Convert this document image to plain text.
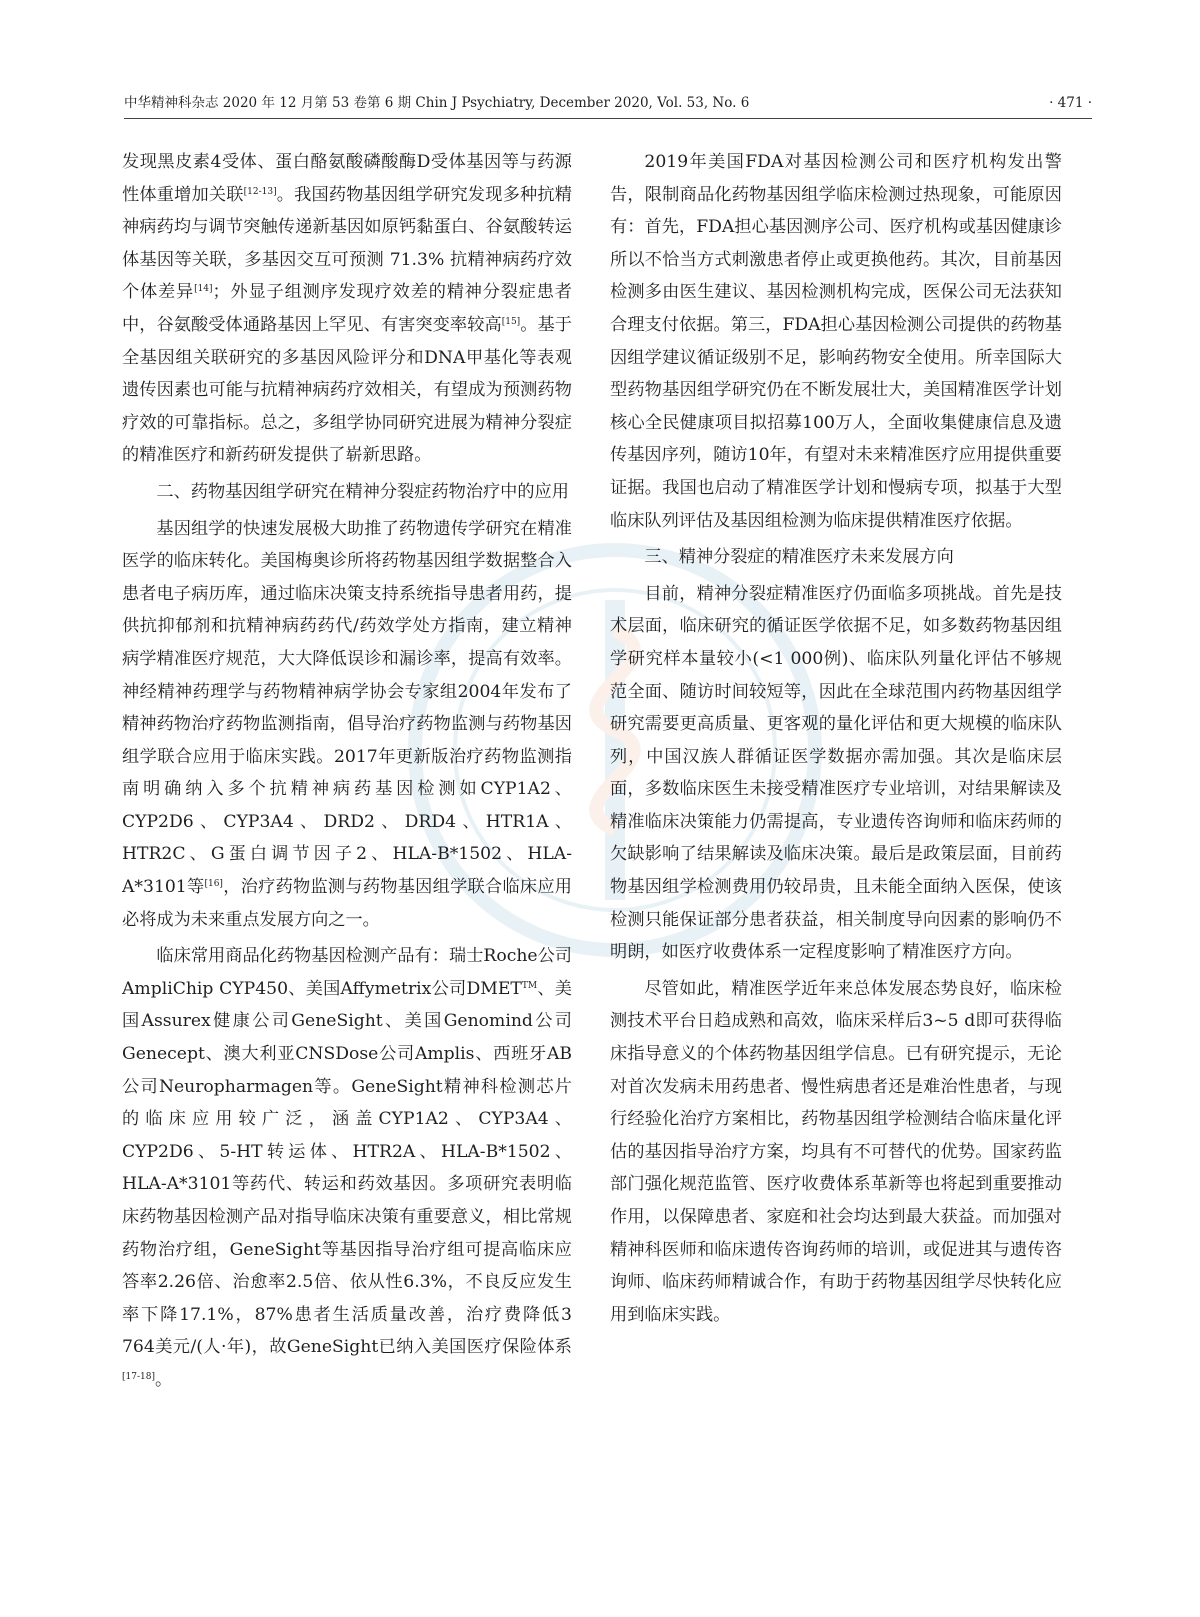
中华精神科杂志 2020 年 12 月第 53 卷第 6 期 Chin J Psychiatry, December 2020, Vol. 53, No. 6	· 471 ·

发现黑皮素4受体、蛋白酪氨酸磷酸酶D受体基因等与药源性体重增加关联[12-13]。我国药物基因组学研究发现多种抗精神病药均与调节突触传递新基因如原钙黏蛋白、谷氨酸转运体基因等关联，多基因交互可预测 71.3% 抗精神病药疗效个体差异[14]；外显子组测序发现疗效差的精神分裂症患者中，谷氨酸受体通路基因上罕见、有害突变率较高[15]。基于全基因组关联研究的多基因风险评分和DNA甲基化等表观遗传因素也可能与抗精神病药疗效相关，有望成为预测药物疗效的可靠指标。总之，多组学协同研究进展为精神分裂症的精准医疗和新药研发提供了崭新思路。

二、药物基因组学研究在精神分裂症药物治疗中的应用

基因组学的快速发展极大助推了药物遗传学研究在精准医学的临床转化。美国梅奥诊所将药物基因组学数据整合入患者电子病历库，通过临床决策支持系统指导患者用药，提供抗抑郁剂和抗精神病药药代/药效学处方指南，建立精神病学精准医疗规范，大大降低误诊和漏诊率，提高有效率。神经精神药理学与药物精神病学协会专家组2004年发布了精神药物治疗药物监测指南，倡导治疗药物监测与药物基因组学联合应用于临床实践。2017年更新版治疗药物监测指南明确纳入多个抗精神病药基因检测如CYP1A2、CYP2D6、CYP3A4、DRD2、DRD4、HTR1A、HTR2C、G蛋白调节因子2、HLA-B*1502、HLA-A*3101等[16]，治疗药物监测与药物基因组学联合临床应用必将成为未来重点发展方向之一。

临床常用商品化药物基因检测产品有：瑞士Roche公司AmpliChip CYP450、美国Affymetrix公司DMET™、美国Assurex健康公司GeneSight、美国Genomind公司Genecept、澳大利亚CNSDose公司Amplis、西班牙AB公司Neuropharmagen等。GeneSight精神科检测芯片的临床应用较广泛，涵盖CYP1A2、CYP3A4、CYP2D6、5-HT转运体、HTR2A、HLA-B*1502、HLA-A*3101等药代、转运和药效基因。多项研究表明临床药物基因检测产品对指导临床决策有重要意义，相比常规药物治疗组，GeneSight等基因指导治疗组可提高临床应答率2.26倍、治愈率2.5倍、依从性6.3%，不良反应发生率下降17.1%，87%患者生活质量改善，治疗费降低3 764美元/(人·年)，故GeneSight已纳入美国医疗保险体系[17-18]。

2019年美国FDA对基因检测公司和医疗机构发出警告，限制商品化药物基因组学临床检测过热现象，可能原因有：首先，FDA担心基因测序公司、医疗机构或基因健康诊所以不恰当方式刺激患者停止或更换他药。其次，目前基因检测多由医生建议、基因检测机构完成，医保公司无法获知合理支付依据。第三，FDA担心基因检测公司提供的药物基因组学建议循证级别不足，影响药物安全使用。所幸国际大型药物基因组学研究仍在不断发展壮大，美国精准医学计划核心全民健康项目拟招募100万人，全面收集健康信息及遗传基因序列，随访10年，有望对未来精准医疗应用提供重要证据。我国也启动了精准医学计划和慢病专项，拟基于大型临床队列评估及基因组检测为临床提供精准医疗依据。

三、精神分裂症的精准医疗未来发展方向

目前，精神分裂症精准医疗仍面临多项挑战。首先是技术层面，临床研究的循证医学依据不足，如多数药物基因组学研究样本量较小(<1 000例)、临床队列量化评估不够规范全面、随访时间较短等，因此在全球范围内药物基因组学研究需要更高质量、更客观的量化评估和更大规模的临床队列，中国汉族人群循证医学数据亦需加强。其次是临床层面，多数临床医生未接受精准医疗专业培训，对结果解读及精准临床决策能力仍需提高，专业遗传咨询师和临床药师的欠缺影响了结果解读及临床决策。最后是政策层面，目前药物基因组学检测费用仍较昂贵，且未能全面纳入医保，使该检测只能保证部分患者获益，相关制度导向因素的影响仍不明朗，如医疗收费体系一定程度影响了精准医疗方向。

尽管如此，精准医学近年来总体发展态势良好，临床检测技术平台日趋成熟和高效，临床采样后3~5 d即可获得临床指导意义的个体药物基因组学信息。已有研究提示，无论对首次发病未用药患者、慢性病患者还是难治性患者，与现行经验化治疗方案相比，药物基因组学检测结合临床量化评估的基因指导治疗方案，均具有不可替代的优势。国家药监部门强化规范监管、医疗收费体系革新等也将起到重要推动作用，以保障患者、家庭和社会均达到最大获益。而加强对精神科医师和临床遗传咨询药师的培训，或促进其与遗传咨询师、临床药师精诚合作，有助于药物基因组学尽快转化应用到临床实践。
